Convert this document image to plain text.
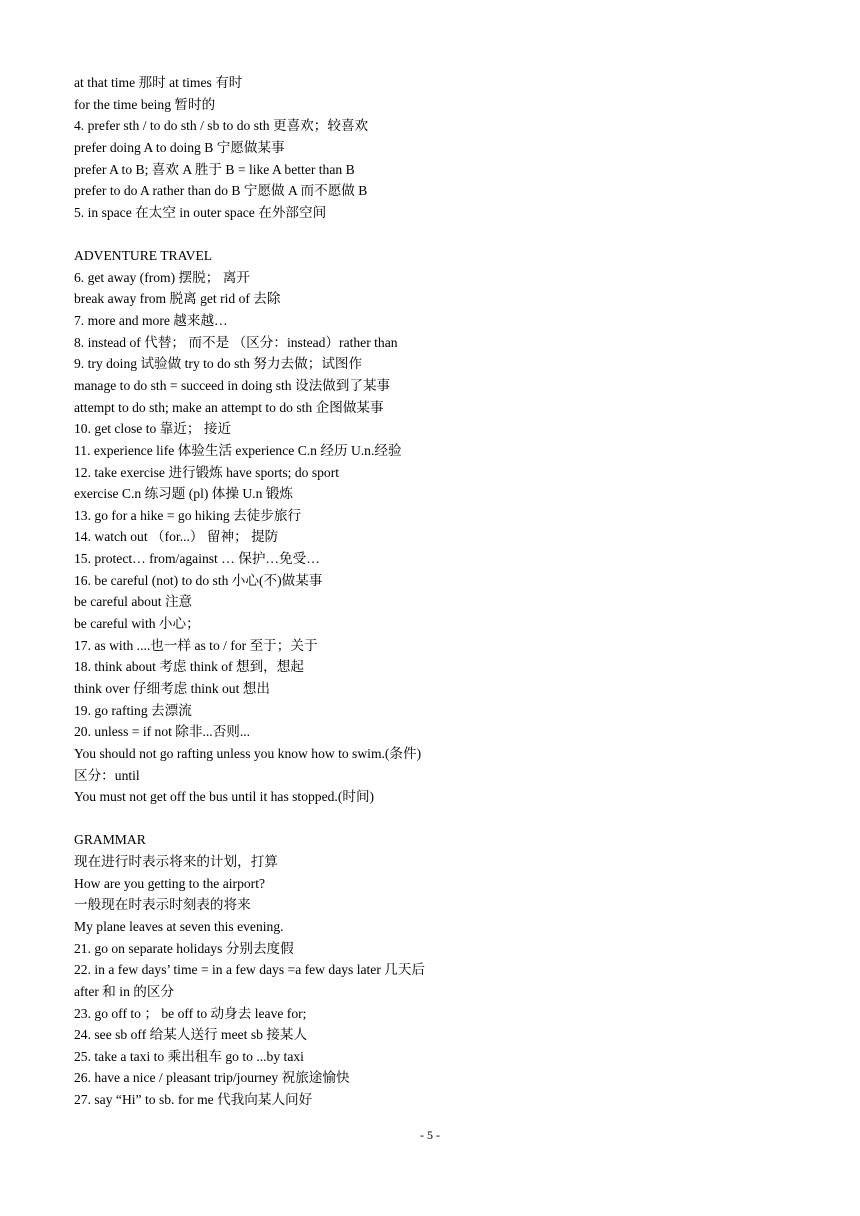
at that time 那时 at times 有时
for the time being 暂时的
4. prefer sth / to do sth / sb to do sth 更喜欢；较喜欢
prefer doing A to doing B 宁愿做某事
prefer A to B; 喜欢 A 胜于 B = like A better than B
prefer to do A rather than do B 宁愿做 A 而不愿做 B
5. in space 在太空 in outer space 在外部空间
ADVENTURE TRAVEL
6. get away (from) 摆脱； 离开
break away from 脱离 get rid of 去除
7. more and more 越来越…
8. instead of 代替； 而不是 （区分：instead）rather than
9. try doing 试验做 try to do sth 努力去做；试图作
manage to do sth = succeed in doing sth 设法做到了某事
attempt to do sth; make an attempt to do sth 企图做某事
10. get close to 靠近； 接近
11. experience life 体验生活 experience C.n 经历 U.n.经验
12. take exercise 进行锻炼 have sports; do sport
exercise C.n 练习题 (pl) 体操 U.n 锻炼
13. go for a hike = go hiking 去徒步旅行
14. watch out （for...） 留神； 提防
15. protect… from/against … 保护…免受…
16. be careful (not) to do sth 小心(不)做某事
be careful about 注意
be careful with 小心；
17. as with ....也一样 as to / for 至于；关于
18. think about 考虑 think of 想到，想起
think over 仔细考虑 think out 想出
19. go rafting 去漂流
20. unless = if not 除非...否则...
You should not go rafting unless you know how to swim.(条件)
区分：until
You must not get off the bus until it has stopped.(时间)
GRAMMAR
现在进行时表示将来的计划，打算
How are you getting to the airport?
一般现在时表示时刻表的将来
My plane leaves at seven this evening.
21. go on separate holidays 分别去度假
22. in a few days’ time = in a few days =a few days later 几天后
after 和 in 的区分
23. go off to ； be off to 动身去 leave for;
24. see sb off 给某人送行 meet sb 接某人
25. take a taxi to 乘出租车 go to ...by taxi
26. have a nice / pleasant trip/journey 祝旅途愉快
27. say “Hi” to sb. for me 代我向某人问好
- 5 -
